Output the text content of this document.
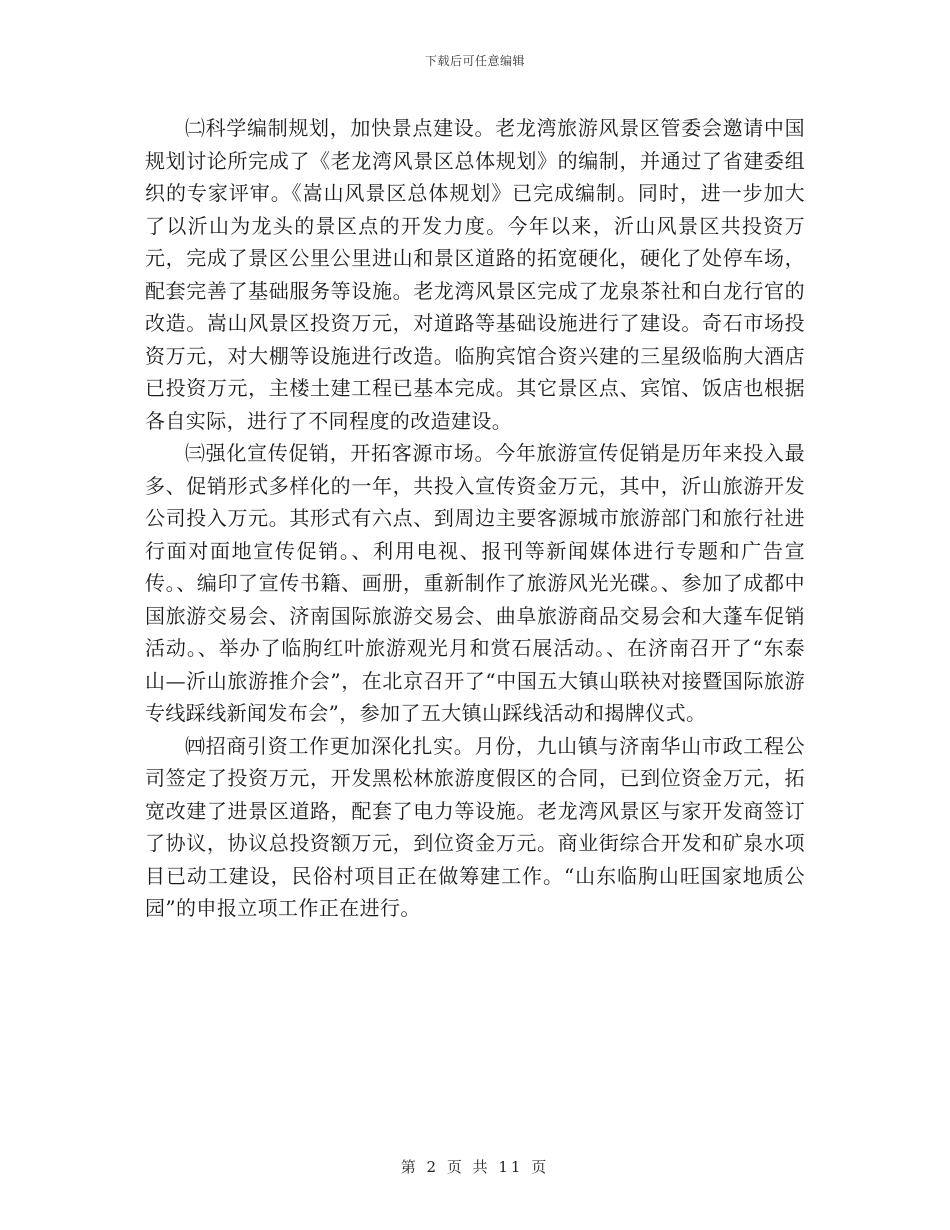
下载后可任意编辑

㈡科学编制规划，加快景点建设。老龙湾旅游风景区管委会邀请中国规划讨论所完成了《老龙湾风景区总体规划》的编制，并通过了省建委组织的专家评审。《嵩山风景区总体规划》已完成编制。同时，进一步加大了以沂山为龙头的景区点的开发力度。今年以来，沂山风景区共投资万元，完成了景区公里公里进山和景区道路的拓宽硬化，硬化了处停车场，配套完善了基础服务等设施。老龙湾风景区完成了龙泉茶社和白龙行官的改造。嵩山风景区投资万元，对道路等基础设施进行了建设。奇石市场投资万元，对大棚等设施进行改造。临朐宾馆合资兴建的三星级临朐大酒店已投资万元，主楼土建工程已基本完成。其它景区点、宾馆、饭店也根据各自实际，进行了不同程度的改造建设。

㈢强化宣传促销，开拓客源市场。今年旅游宣传促销是历年来投入最多、促销形式多样化的一年，共投入宣传资金万元，其中，沂山旅游开发公司投入万元。其形式有六点、到周边主要客源城市旅游部门和旅行社进行面对面地宣传促销。、利用电视、报刊等新闻媒体进行专题和广告宣传。、编印了宣传书籍、画册，重新制作了旅游风光光碟。、参加了成都中国旅游交易会、济南国际旅游交易会、曲阜旅游商品交易会和大蓬车促销活动。、举办了临朐红叶旅游观光月和赏石展活动。、在济南召开了“东泰山—沂山旅游推介会”，在北京召开了“中国五大镇山联袂对接暨国际旅游专线踩线新闻发布会”，参加了五大镇山踩线活动和揭牌仪式。

㈣招商引资工作更加深化扎实。月份，九山镇与济南华山市政工程公司签定了投资万元，开发黑松林旅游度假区的合同，已到位资金万元，拓宽改建了进景区道路，配套了电力等设施。老龙湾风景区与家开发商签订了协议，协议总投资额万元，到位资金万元。商业街综合开发和矿泉水项目已动工建设，民俗村项目正在做筹建工作。“山东临朐山旺国家地质公园”的申报立项工作正在进行。

第 2 页 共 11 页
